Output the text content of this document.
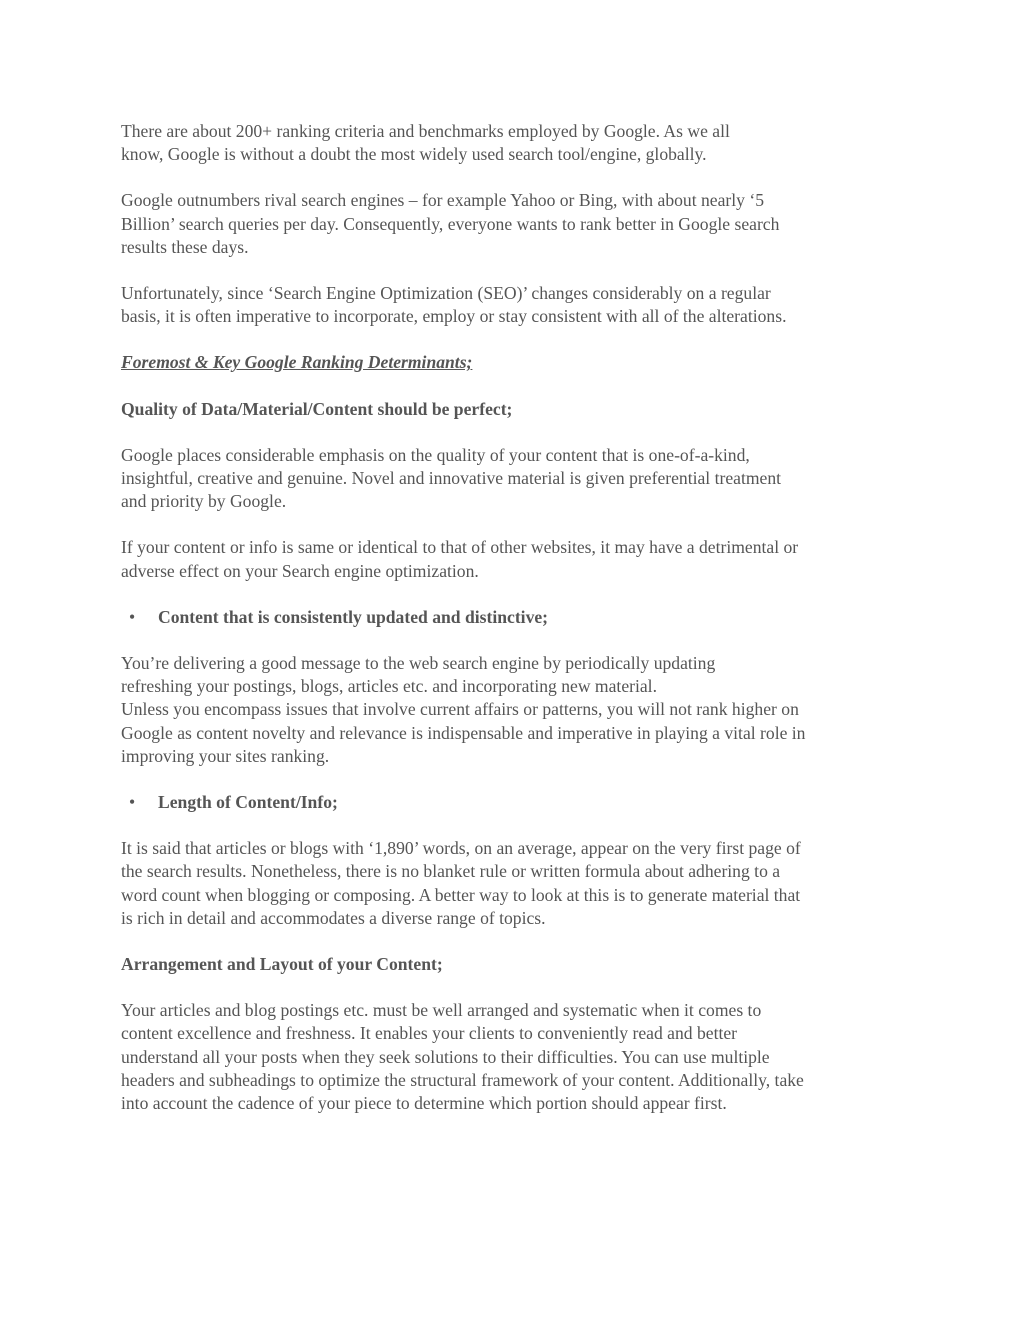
There are about 200+ ranking criteria and benchmarks employed by Google. As we all
know, Google is without a doubt the most widely used search tool/engine, globally.
Google outnumbers rival search engines – for example Yahoo or Bing, with about nearly ‘5
Billion’ search queries per day. Consequently, everyone wants to rank better in Google search
results these days.
Unfortunately, since ‘Search Engine Optimization (SEO)’ changes considerably on a regular
basis, it is often imperative to incorporate, employ or stay consistent with all of the alterations.
Foremost & Key Google Ranking Determinants;
Quality of Data/Material/Content should be perfect;
Google places considerable emphasis on the quality of your content that is one-of-a-kind,
insightful, creative and genuine. Novel and innovative material is given preferential treatment
and priority by Google.
If your content or info is same or identical to that of other websites, it may have a detrimental or
adverse effect on your Search engine optimization.
• Content that is consistently updated and distinctive;
You’re delivering a good message to the web search engine by periodically updating
refreshing your postings, blogs, articles etc. and incorporating new material.
Unless you encompass issues that involve current affairs or patterns, you will not rank higher on
Google as content novelty and relevance is indispensable and imperative in playing a vital role in
improving your sites ranking.
• Length of Content/Info;
It is said that articles or blogs with ‘1,890’ words, on an average, appear on the very first page of
the search results. Nonetheless, there is no blanket rule or written formula about adhering to a
word count when blogging or composing. A better way to look at this is to generate material that
is rich in detail and accommodates a diverse range of topics.
Arrangement and Layout of your Content;
Your articles and blog postings etc. must be well arranged and systematic when it comes to
content excellence and freshness. It enables your clients to conveniently read and better
understand all your posts when they seek solutions to their difficulties. You can use multiple
headers and subheadings to optimize the structural framework of your content. Additionally, take
into account the cadence of your piece to determine which portion should appear first.
